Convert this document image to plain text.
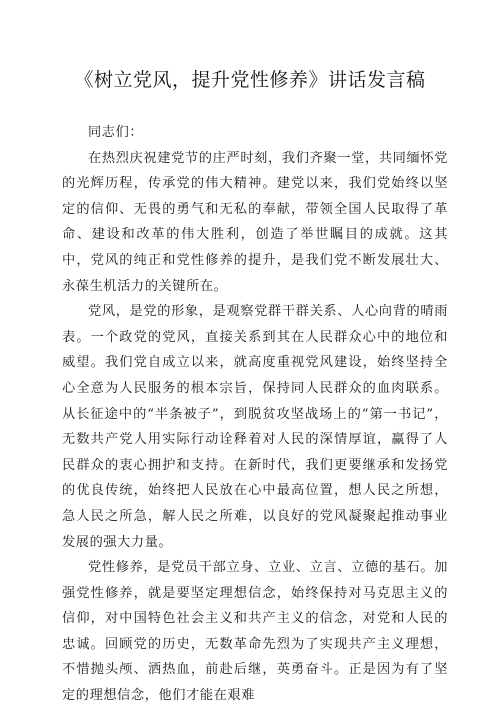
《树立党风，提升党性修养》讲话发言稿

同志们：

在热烈庆祝建党节的庄严时刻，我们齐聚一堂，共同缅怀党的光辉历程，传承党的伟大精神。建党以来，我们党始终以坚定的信仰、无畏的勇气和无私的奉献，带领全国人民取得了革命、建设和改革的伟大胜利，创造了举世瞩目的成就。这其中，党风的纯正和党性修养的提升，是我们党不断发展壮大、永葆生机活力的关键所在。

党风，是党的形象，是观察党群干群关系、人心向背的晴雨表。一个政党的党风，直接关系到其在人民群众心中的地位和威望。我们党自成立以来，就高度重视党风建设，始终坚持全心全意为人民服务的根本宗旨，保持同人民群众的血肉联系。从长征途中的“半条被子”，到脱贫攻坚战场上的“第一书记”，无数共产党人用实际行动诠释着对人民的深情厚谊，赢得了人民群众的衷心拥护和支持。在新时代，我们更要继承和发扬党的优良传统，始终把人民放在心中最高位置，想人民之所想，急人民之所急，解人民之所难，以良好的党风凝聚起推动事业发展的强大力量。

党性修养，是党员干部立身、立业、立言、立德的基石。加强党性修养，就是要坚定理想信念，始终保持对马克思主义的信仰，对中国特色社会主义和共产主义的信念，对党和人民的忠诚。回顾党的历史，无数革命先烈为了实现共产主义理想，不惜抛头颅、洒热血，前赴后继，英勇奋斗。正是因为有了坚定的理想信念，他们才能在艰难
